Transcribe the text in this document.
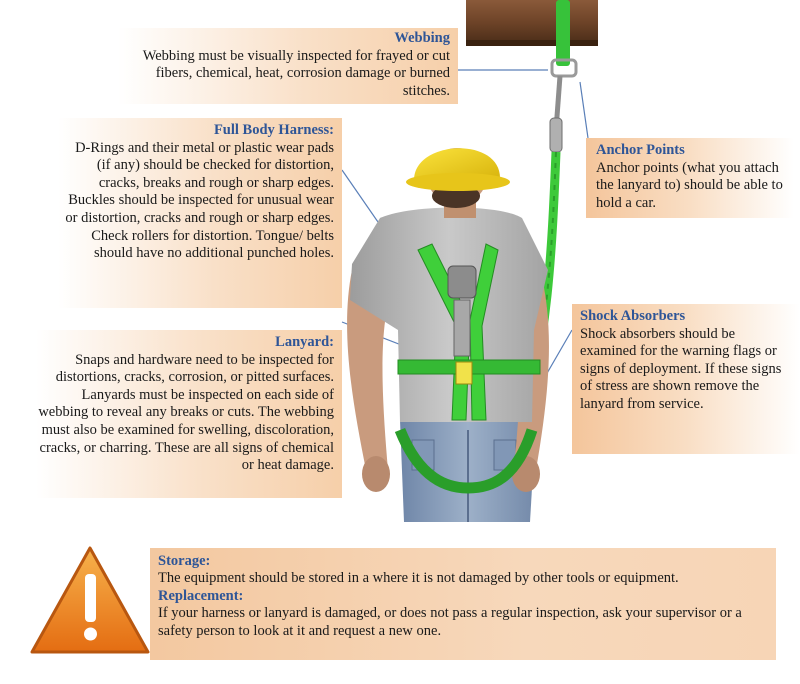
Webbing
Webbing must be visually inspected for frayed or cut fibers, chemical, heat, corrosion damage or burned stitches.
Full Body Harness:
D-Rings and their metal or plastic wear pads (if any) should be checked for distortion, cracks, breaks and rough or sharp edges.
Buckles should be inspected for unusual wear or distortion, cracks and rough or sharp edges. Check rollers for distortion. Tongue/ belts should have no additional punched holes.
Lanyard:
Snaps and hardware need to be inspected for distortions, cracks, corrosion, or pitted surfaces.
Lanyards must be inspected on each side of webbing to reveal any breaks or cuts. The webbing must also be examined for swelling, discoloration, cracks, or charring. These are all signs of chemical or heat damage.
Anchor Points
Anchor points (what you attach the lanyard to) should be able to hold a car.
Shock Absorbers
Shock absorbers should be examined for the warning flags or signs of deployment. If these signs of stress are shown remove the lanyard from service.
Storage:
The equipment should be stored in a where it is not damaged by other tools or equipment.
Replacement:
If your harness or lanyard is damaged, or does not pass a regular inspection, ask your supervisor or a safety person to look at it and request a new one.
